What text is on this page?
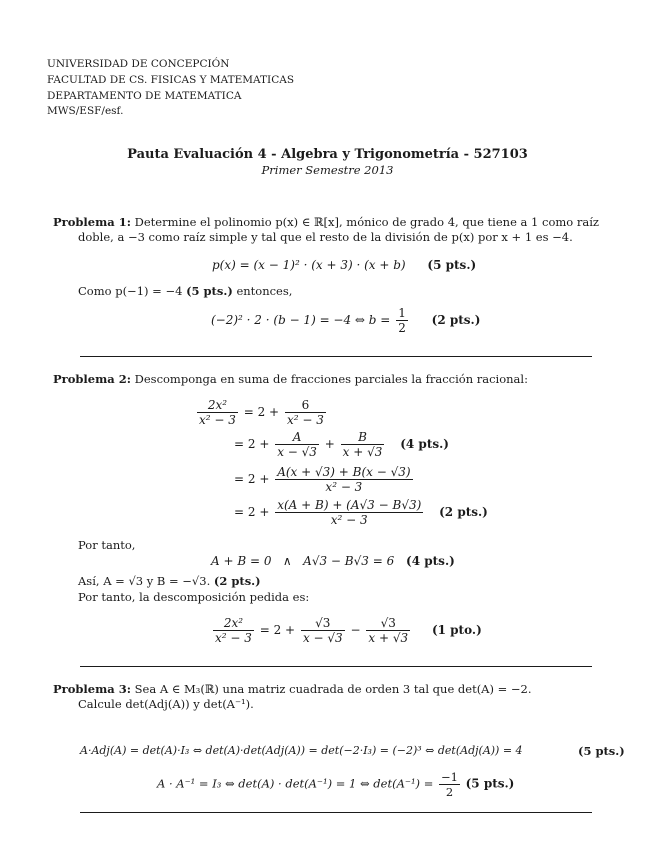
UNIVERSIDAD DE CONCEPCIÓN
FACULTAD DE CS. FISICAS Y MATEMATICAS
DEPARTAMENTO DE MATEMATICA
MWS/ESF/esf.
Pauta Evaluación 4 - Algebra y Trigonometría - 527103
Primer Semestre 2013
Problema 1: Determine el polinomio p(x) ∈ ℝ[x], mónico de grado 4, que tiene a 1 como raíz
doble, a −3 como raíz simple y tal que el resto de la división de p(x) por x + 1 es −4.
p(x) = (x − 1)² · (x + 3) · (x + b) (5 pts.)
Como p(−1) = −4 (5 pts.) entonces,
(−2)² · 2 · (b − 1) = −4 ⇔ $b = \frac{1}{2} (2$ pts.)
Problema 2: Descomponga en suma de fracciones parciales la fracción racional:
$\frac{\text{2x²}}{\text{x² − 3}} = 2 + \frac{6}{\text{x² − 3}}$
= $2 + \frac{A}{x - √3} + \frac{B}{x + √3} (4$ pts.)
= $2 + \frac{A(x + √3) + B(x - √3)}{\text{x² − 3}}$
= $2 + \frac{x(A + B) + (A√3 - B√3)}{\text{x² − 3}} (2$ pts.)
Por tanto,
A + B = 0   ∧   A√3 − B√3 = 6 (4 pts.)
Así, A = √3 y B = −√3. (2 pts.)
Por tanto, la descomposición pedida es:
$\frac{\text{2x²}}{\text{x² − 3}} = 2 + \frac{√3}{x - √3} - \frac{√3}{x + √3} (1$ pto.)
Problema 3: Sea A ∈ M₃(ℝ) una matriz cuadrada de orden 3 tal que det(A) = −2.
Calcule det(Adj(A)) y det(A⁻¹).
A·Adj(A) = det(A)·I₃ ⇔ det(A)·det(Adj(A)) = det(−2·I₃) = (−2)³ ⇔ det(Adj(A)) = 4	(5 pts.)
A · A⁻¹ = I₃ ⇔ det(A) · det(A⁻¹) = 1 ⇔ $\det(A^{-1}) = \frac{-1}{2} (5$ pts.)
